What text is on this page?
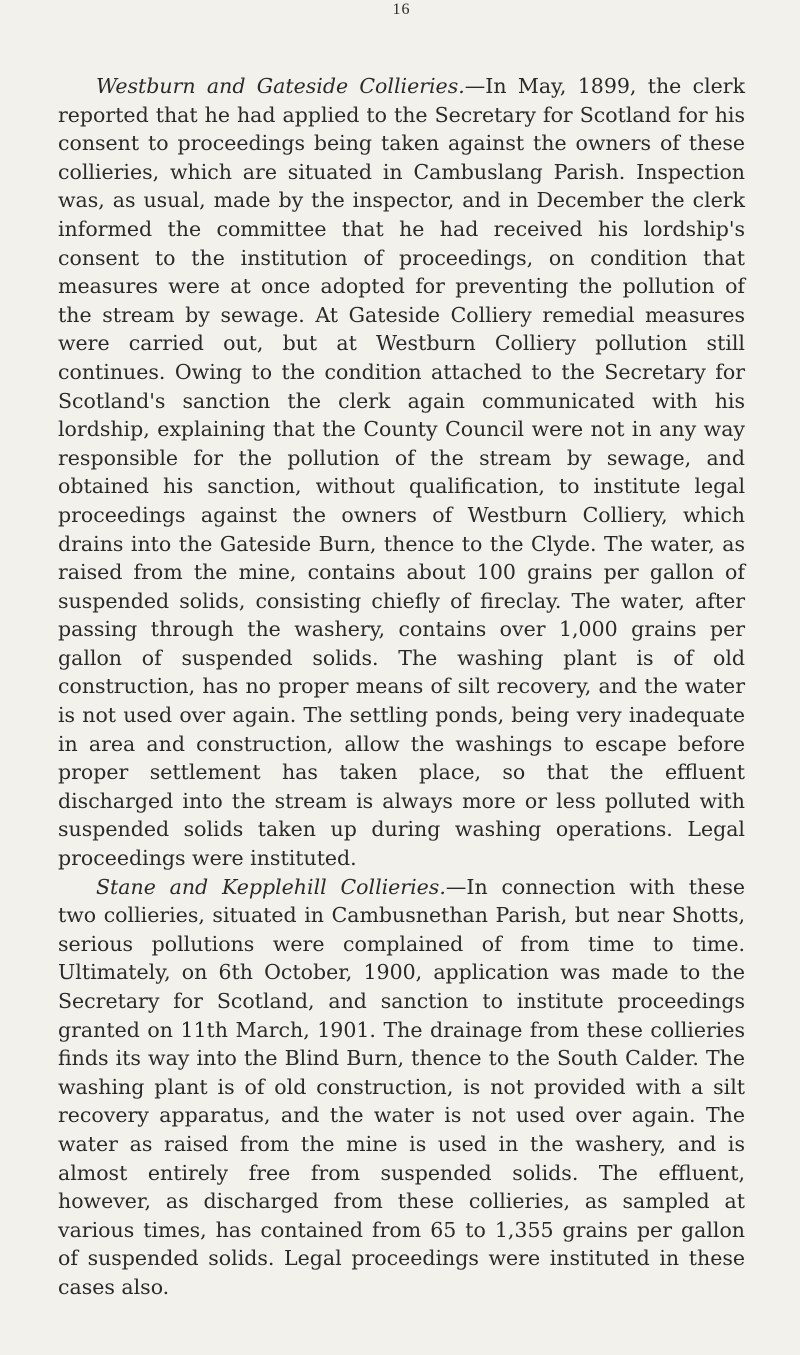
16

Westburn and Gateside Collieries.—In May, 1899, the clerk reported that he had applied to the Secretary for Scotland for his consent to proceedings being taken against the owners of these collieries, which are situated in Cambuslang Parish. Inspection was, as usual, made by the inspector, and in December the clerk informed the committee that he had received his lordship's consent to the institution of proceedings, on condition that measures were at once adopted for preventing the pollution of the stream by sewage. At Gateside Colliery remedial measures were carried out, but at Westburn Colliery pollution still continues. Owing to the condition attached to the Secretary for Scotland's sanction the clerk again communicated with his lordship, explaining that the County Council were not in any way responsible for the pollution of the stream by sewage, and obtained his sanction, without qualification, to institute legal proceedings against the owners of Westburn Colliery, which drains into the Gateside Burn, thence to the Clyde. The water, as raised from the mine, contains about 100 grains per gallon of suspended solids, consisting chiefly of fireclay. The water, after passing through the washery, contains over 1,000 grains per gallon of suspended solids. The washing plant is of old construction, has no proper means of silt recovery, and the water is not used over again. The settling ponds, being very inadequate in area and construction, allow the washings to escape before proper settlement has taken place, so that the effluent discharged into the stream is always more or less polluted with suspended solids taken up during washing operations. Legal proceedings were instituted.

Stane and Kepplehill Collieries.—In connection with these two collieries, situated in Cambusnethan Parish, but near Shotts, serious pollutions were complained of from time to time. Ultimately, on 6th October, 1900, application was made to the Secretary for Scotland, and sanction to institute proceedings granted on 11th March, 1901. The drainage from these collieries finds its way into the Blind Burn, thence to the South Calder. The washing plant is of old construction, is not provided with a silt recovery apparatus, and the water is not used over again. The water as raised from the mine is used in the washery, and is almost entirely free from suspended solids. The effluent, however, as discharged from these collieries, as sampled at various times, has contained from 65 to 1,355 grains per gallon of suspended solids. Legal proceedings were instituted in these cases also.
